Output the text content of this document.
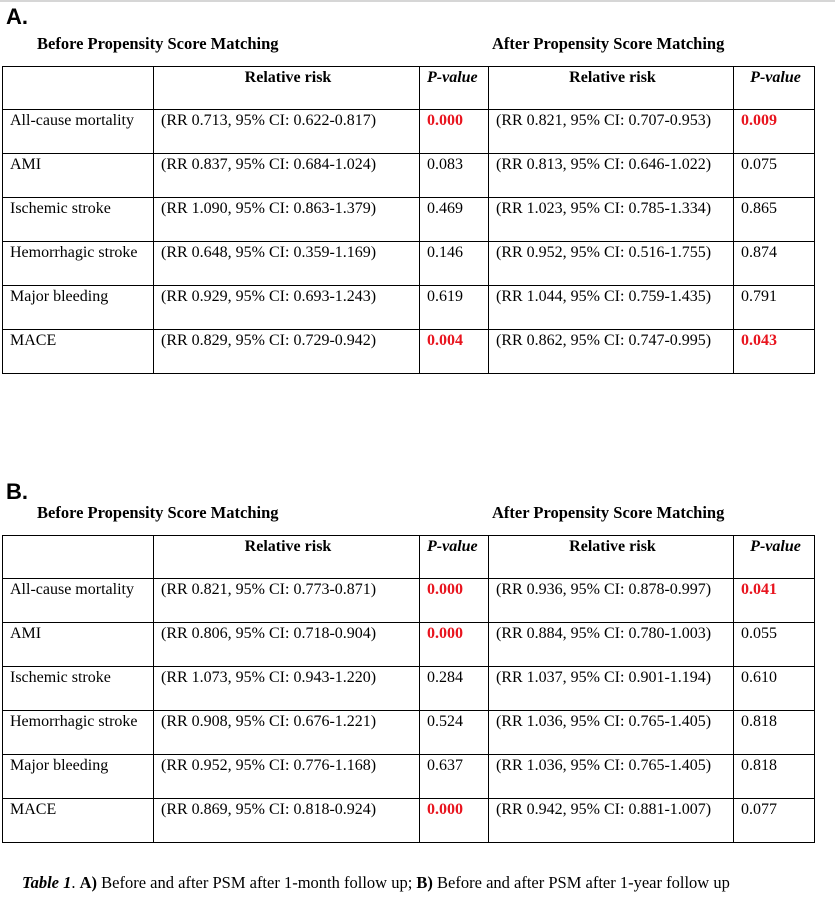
A.
Before Propensity Score Matching	After Propensity Score Matching
	Relative risk	P-value	Relative risk	P-value
All-cause mortality	(RR 0.713, 95% CI: 0.622-0.817)	0.000	(RR 0.821, 95% CI: 0.707-0.953)	0.009
AMI	(RR 0.837, 95% CI: 0.684-1.024)	0.083	(RR 0.813, 95% CI: 0.646-1.022)	0.075
Ischemic stroke	(RR 1.090, 95% CI: 0.863-1.379)	0.469	(RR 1.023, 95% CI: 0.785-1.334)	0.865
Hemorrhagic stroke	(RR 0.648, 95% CI: 0.359-1.169)	0.146	(RR 0.952, 95% CI: 0.516-1.755)	0.874
Major bleeding	(RR 0.929, 95% CI: 0.693-1.243)	0.619	(RR 1.044, 95% CI: 0.759-1.435)	0.791
MACE	(RR 0.829, 95% CI: 0.729-0.942)	0.004	(RR 0.862, 95% CI: 0.747-0.995)	0.043
B.
Before Propensity Score Matching	After Propensity Score Matching
	Relative risk	P-value	Relative risk	P-value
All-cause mortality	(RR 0.821, 95% CI: 0.773-0.871)	0.000	(RR 0.936, 95% CI: 0.878-0.997)	0.041
AMI	(RR 0.806, 95% CI: 0.718-0.904)	0.000	(RR 0.884, 95% CI: 0.780-1.003)	0.055
Ischemic stroke	(RR 1.073, 95% CI: 0.943-1.220)	0.284	(RR 1.037, 95% CI: 0.901-1.194)	0.610
Hemorrhagic stroke	(RR 0.908, 95% CI: 0.676-1.221)	0.524	(RR 1.036, 95% CI: 0.765-1.405)	0.818
Major bleeding	(RR 0.952, 95% CI: 0.776-1.168)	0.637	(RR 1.036, 95% CI: 0.765-1.405)	0.818
MACE	(RR 0.869, 95% CI: 0.818-0.924)	0.000	(RR 0.942, 95% CI: 0.881-1.007)	0.077
Table 1. A) Before and after PSM after 1-month follow up; B) Before and after PSM after 1-year follow up
